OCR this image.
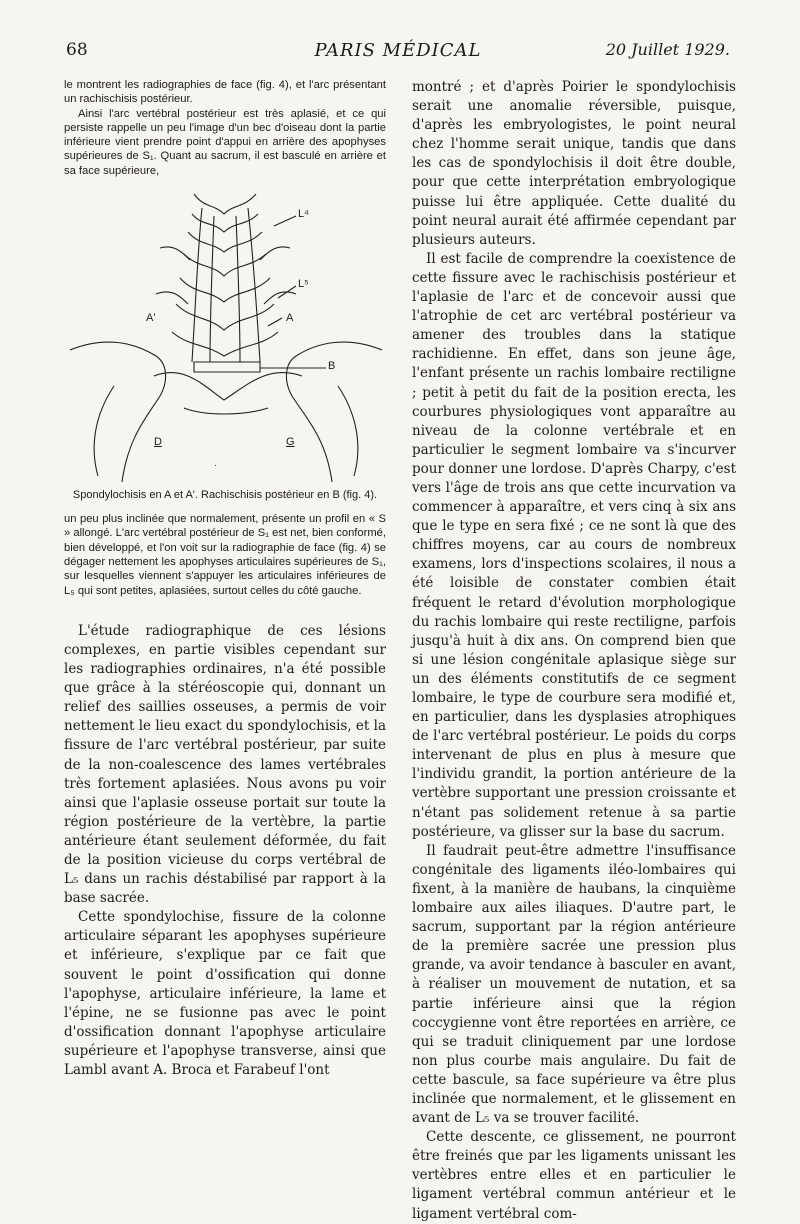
68	PARIS MÉDICAL	20 Juillet 1929.

le montrent les radiographies de face (fig. 4), et l'arc présentant un rachischisis postérieur.

Ainsi l'arc vertébral postérieur est très aplasié, et ce qui persiste rappelle un peu l'image d'un bec d'oiseau dont la partie inférieure vient prendre point d'appui en arrière des apophyses supérieures de S₁. Quant au sacrum, il est basculé en arrière et sa face supérieure,

·
L⁴
L⁵
A
A'
B
D	G
Spondylochisis en A et A'. Rachischisis postérieur en B (fig. 4).

un peu plus inclinée que normalement, présente un profil en « S » allongé. L'arc vertébral postérieur de S₁ est net, bien conformé, bien développé, et l'on voit sur la radiographie de face (fig. 4) se dégager nettement les apophyses articulaires supérieures de S₁, sur lesquelles viennent s'appuyer les articulaires inférieures de L₅ qui sont petites, aplasiées, surtout celles du côté gauche.

L'étude radiographique de ces lésions complexes, en partie visibles cependant sur les radiographies ordinaires, n'a été possible que grâce à la stéréoscopie qui, donnant un relief des saillies osseuses, a permis de voir nettement le lieu exact du spondylochisis, et la fissure de l'arc vertébral postérieur, par suite de la non-coalescence des lames vertébrales très fortement aplasiées. Nous avons pu voir ainsi que l'aplasie osseuse portait sur toute la région postérieure de la vertèbre, la partie antérieure étant seulement déformée, du fait de la position vicieuse du corps vertébral de L₅ dans un rachis déstabilisé par rapport à la base sacrée.

Cette spondylochise, fissure de la colonne articulaire séparant les apophyses supérieure et inférieure, s'explique par ce fait que souvent le point d'ossification qui donne l'apophyse, articulaire inférieure, la lame et l'épine, ne se fusionne pas avec le point d'ossification donnant l'apophyse articulaire supérieure et l'apophyse transverse, ainsi que Lambl avant A. Broca et Farabeuf l'ont

montré ; et d'après Poirier le spondylochisis serait une anomalie réversible, puisque, d'après les embryologistes, le point neural chez l'homme serait unique, tandis que dans les cas de spondylochisis il doit être double, pour que cette interprétation embryologique puisse lui être appliquée. Cette dualité du point neural aurait été affirmée cependant par plusieurs auteurs.

Il est facile de comprendre la coexistence de cette fissure avec le rachischisis postérieur et l'aplasie de l'arc et de concevoir aussi que l'atrophie de cet arc vertébral postérieur va amener des troubles dans la statique rachidienne. En effet, dans son jeune âge, l'enfant présente un rachis lombaire rectiligne ; petit à petit du fait de la position erecta, les courbures physiologiques vont apparaître au niveau de la colonne vertébrale et en particulier le segment lombaire va s'incurver pour donner une lordose. D'après Charpy, c'est vers l'âge de trois ans que cette incurvation va commencer à apparaître, et vers cinq à six ans que le type en sera fixé ; ce ne sont là que des chiffres moyens, car au cours de nombreux examens, lors d'inspections scolaires, il nous a été loisible de constater combien était fréquent le retard d'évolution morphologique du rachis lombaire qui reste rectiligne, parfois jusqu'à huit à dix ans. On comprend bien que si une lésion congénitale aplasique siège sur un des éléments constitutifs de ce segment lombaire, le type de courbure sera modifié et, en particulier, dans les dysplasies atrophiques de l'arc vertébral postérieur. Le poids du corps intervenant de plus en plus à mesure que l'individu grandit, la portion antérieure de la vertèbre supportant une pression croissante et n'étant pas solidement retenue à sa partie postérieure, va glisser sur la base du sacrum.

Il faudrait peut-être admettre l'insuffisance congénitale des ligaments iléo-lombaires qui fixent, à la manière de haubans, la cinquième lombaire aux ailes iliaques. D'autre part, le sacrum, supportant par la région antérieure de la première sacrée une pression plus grande, va avoir tendance à basculer en avant, à réaliser un mouvement de nutation, et sa partie inférieure ainsi que la région coccygienne vont être reportées en arrière, ce qui se traduit cliniquement par une lordose non plus courbe mais angulaire. Du fait de cette bascule, sa face supérieure va être plus inclinée que normalement, et le glissement en avant de L₅ va se trouver facilité.

Cette descente, ce glissement, ne pourront être freinés que par les ligaments unissant les vertèbres entre elles et en particulier le ligament vertébral commun antérieur et le ligament vertébral com-
